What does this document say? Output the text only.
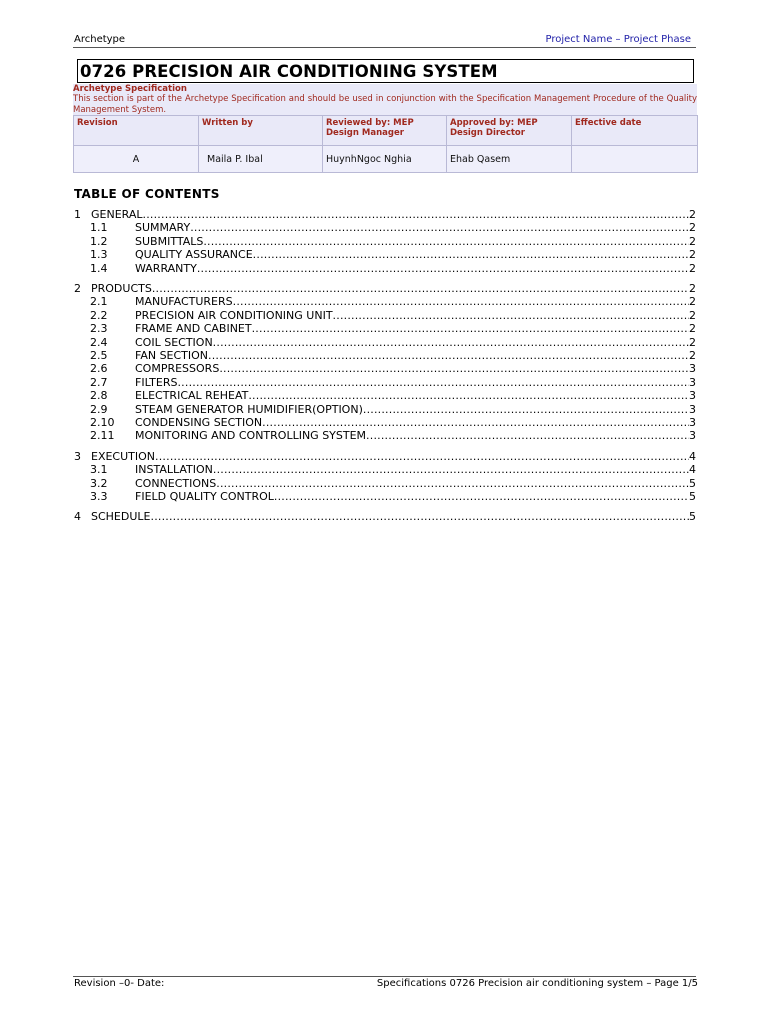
Archetype	Project Name – Project Phase
0726 PRECISION AIR CONDITIONING SYSTEM
Archetype Specification
This section is part of the Archetype Specification and should be used in conjunction with the Specification Management Procedure of the Quality Management System.
Revision	Written by	Reviewed by: MEP Design Manager	Approved by: MEP Design Director	Effective date
A	Maila P. Ibal	HuynhNgoc Nghia	Ehab Qasem	
TABLE OF CONTENTS
1 GENERAL .....	2
1.1	SUMMARY .....	2
1.2	SUBMITTALS .....	2
1.3	QUALITY ASSURANCE .....	2
1.4	WARRANTY .....	2
2 PRODUCTS .....	2
2.1	MANUFACTURERS .....	2
2.2	PRECISION AIR CONDITIONING UNIT .....	2
2.3	FRAME AND CABINET .....	2
2.4	COIL SECTION .....	2
2.5	FAN SECTION .....	2
2.6	COMPRESSORS .....	3
2.7	FILTERS .....	3
2.8	ELECTRICAL REHEAT .....	3
2.9	STEAM GENERATOR HUMIDIFIER(OPTION) .....	3
2.10	CONDENSING SECTION .....	3
2.11	MONITORING AND CONTROLLING SYSTEM .....	3
3 EXECUTION .....	4
3.1	INSTALLATION .....	4
3.2	CONNECTIONS .....	5
3.3	FIELD QUALITY CONTROL .....	5
4 SCHEDULE .....	5
Revision –0- Date:	Specifications 0726 Precision air conditioning system – Page 1/5
